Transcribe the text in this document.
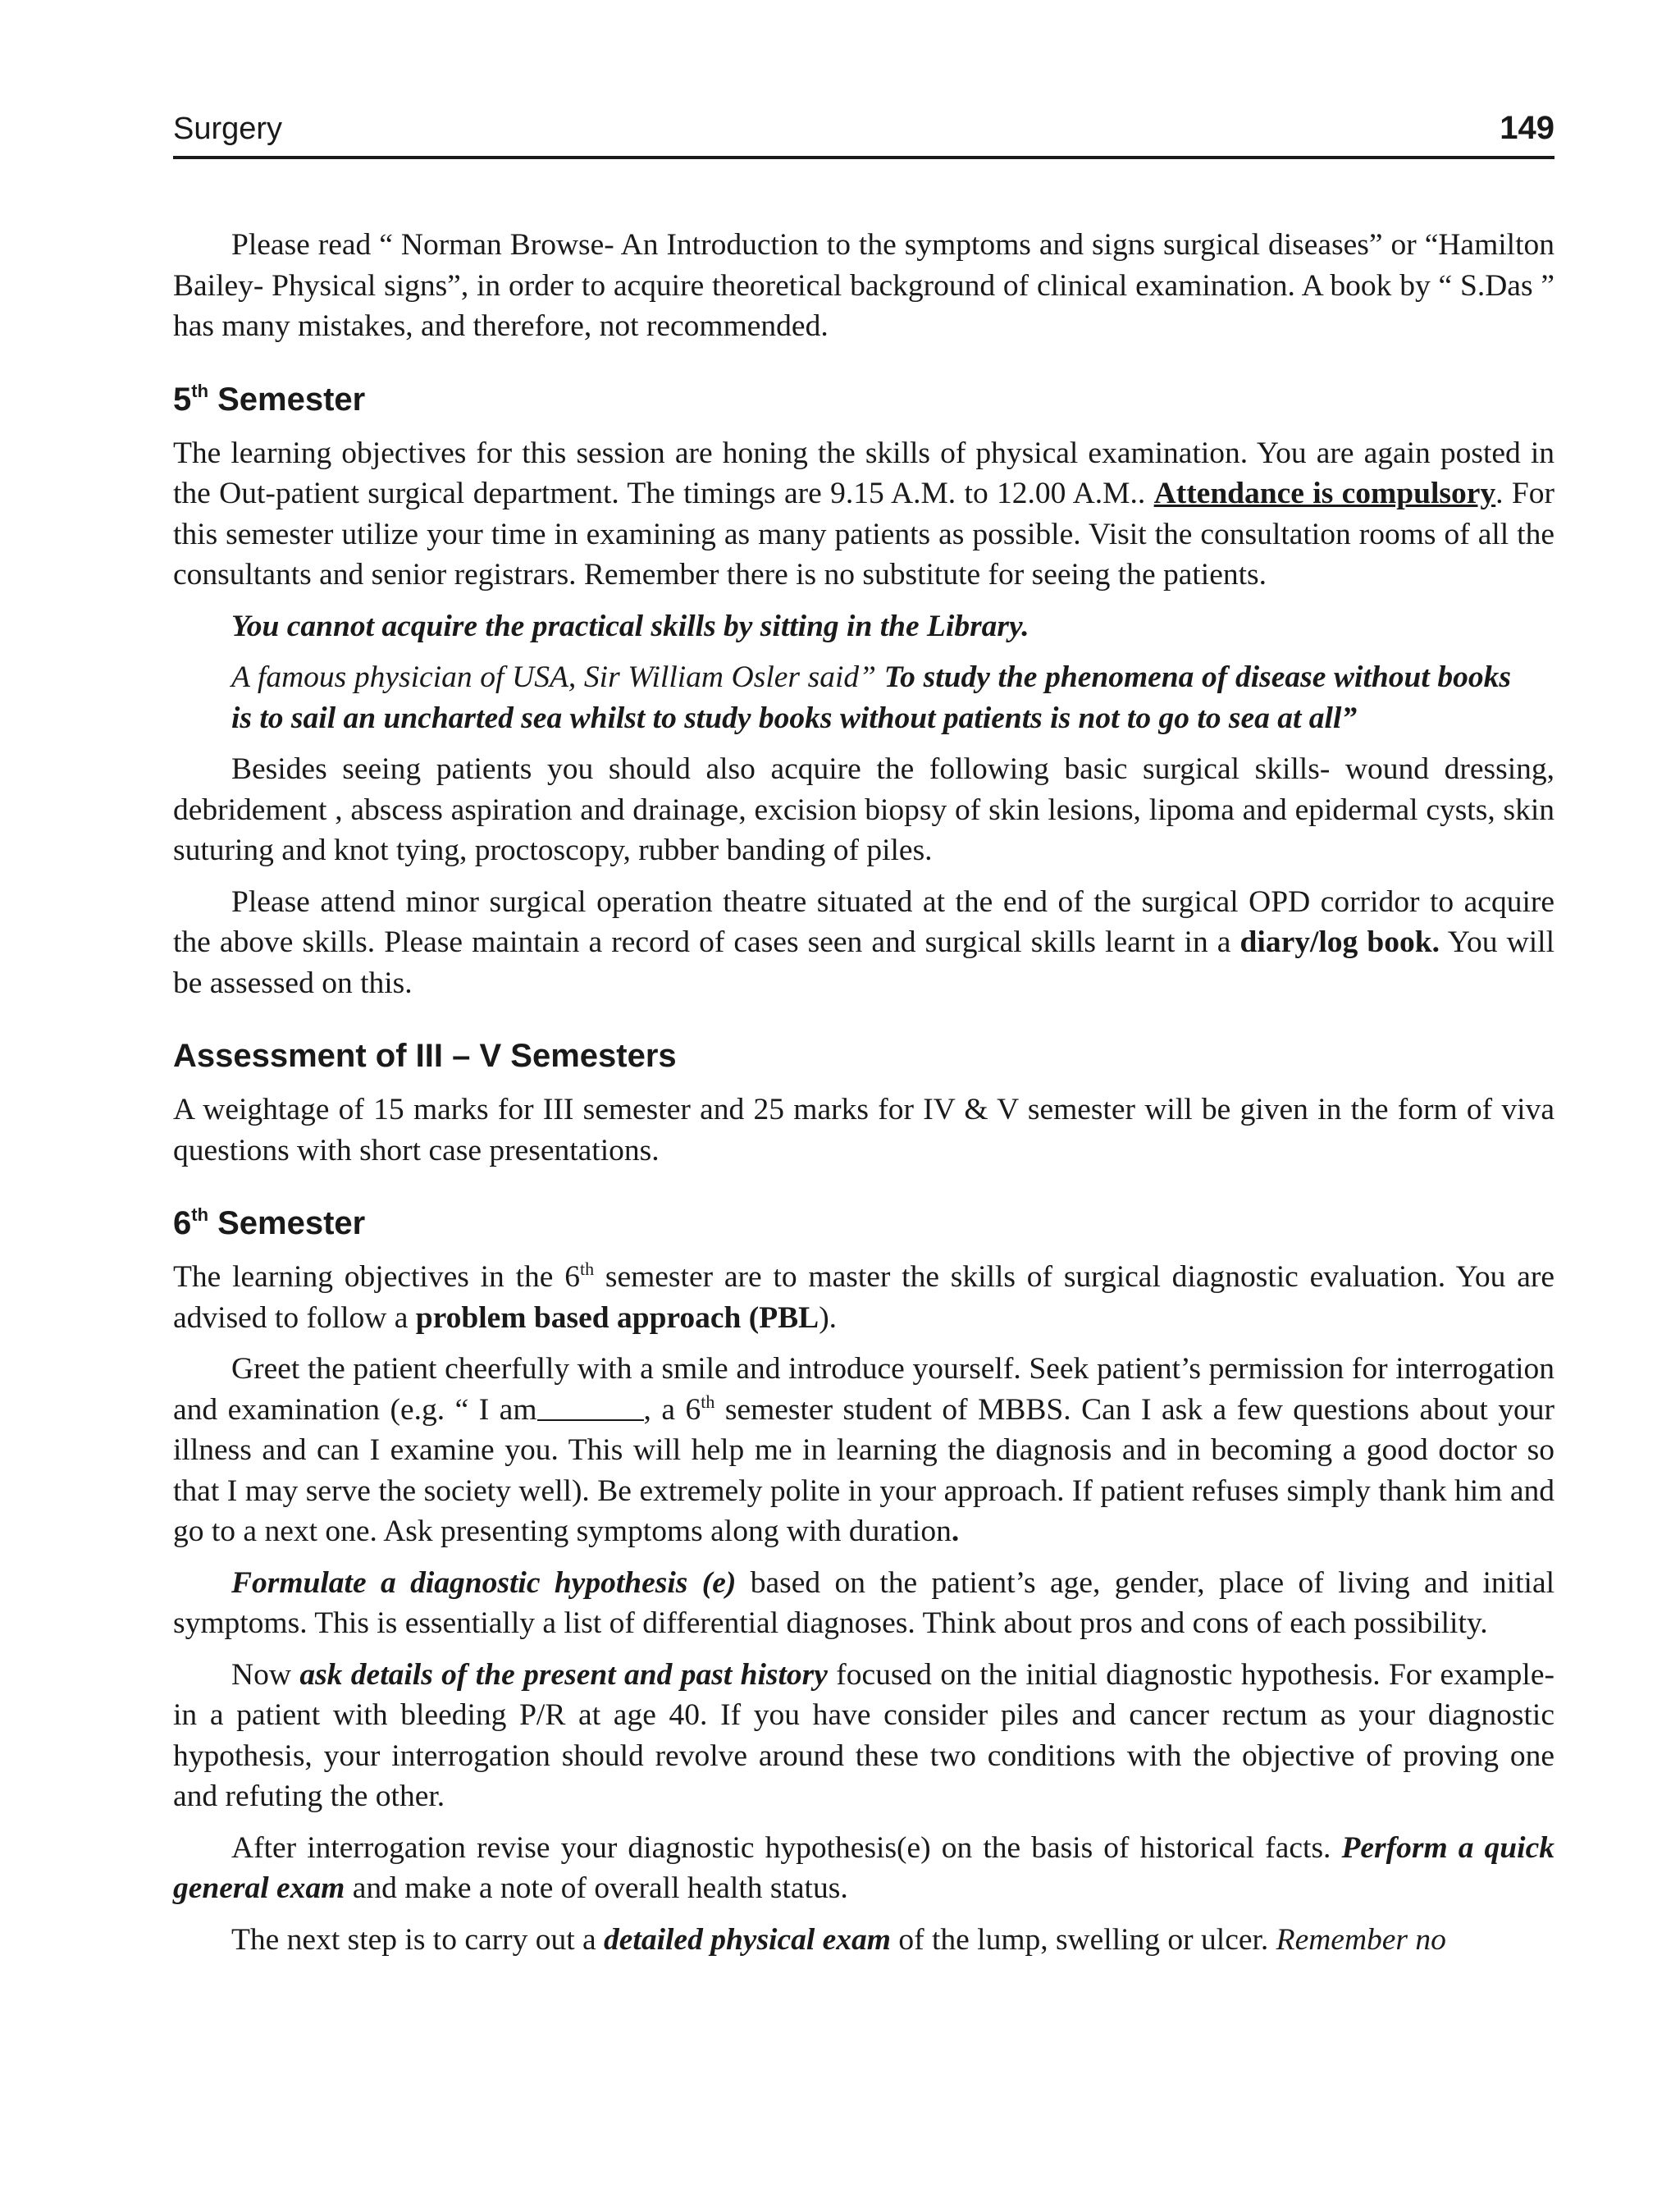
Surgery	149

Please read “ Norman Browse- An Introduction to the symptoms and signs surgical diseases” or “Hamilton Bailey- Physical signs”, in order to acquire theoretical background of clinical examination. A book by “ S.Das ” has many mistakes, and therefore, not recommended.

5th Semester

The learning objectives for this session are honing the skills of physical examination. You are again posted in the Out-patient surgical department. The timings are 9.15 A.M. to 12.00 A.M.. Attendance is compulsory. For this semester utilize your time in examining as many patients as possible. Visit the consultation rooms of all the consultants and senior registrars. Remember there is no substitute for seeing the patients.

You cannot acquire the practical skills by sitting in the Library.
A famous physician of USA, Sir William Osler said” To study the phenomena of disease without books is to sail an uncharted sea whilst to study books without patients is not to go to sea at all”

Besides seeing patients you should also acquire the following basic surgical skills- wound dressing, debridement , abscess aspiration and drainage, excision biopsy of skin lesions, lipoma and epidermal cysts, skin suturing and knot tying, proctoscopy, rubber banding of piles.

Please attend minor surgical operation theatre situated at the end of the surgical OPD corridor to acquire the above skills. Please maintain a record of cases seen and surgical skills learnt in a diary/log book. You will be assessed on this.

Assessment of III – V Semesters

A weightage of 15 marks for III semester and 25 marks for IV & V semester will be given in the form of viva questions with short case presentations.

6th Semester

The learning objectives in the 6th semester are to master the skills of surgical diagnostic evaluation. You are advised to follow a problem based approach (PBL).

Greet the patient cheerfully with a smile and introduce yourself. Seek patient’s permission for interrogation and examination (e.g. “ I am	, a 6th semester student of MBBS. Can I ask a few questions about your illness and can I examine you. This will help me in learning the diagnosis and in becoming a good doctor so that I may serve the society well). Be extremely polite in your approach. If patient refuses simply thank him and go to a next one. Ask presenting symptoms along with duration.

Formulate a diagnostic hypothesis (e) based on the patient’s age, gender, place of living and initial symptoms. This is essentially a list of differential diagnoses. Think about pros and cons of each possibility.

Now ask details of the present and past history focused on the initial diagnostic hypothesis. For example-in a patient with bleeding P/R at age 40. If you have consider piles and cancer rectum as your diagnostic hypothesis, your interrogation should revolve around these two conditions with the objective of proving one and refuting the other.

After interrogation revise your diagnostic hypothesis(e) on the basis of historical facts. Perform a quick general exam and make a note of overall health status.

The next step is to carry out a detailed physical exam of the lump, swelling or ulcer. Remember no
